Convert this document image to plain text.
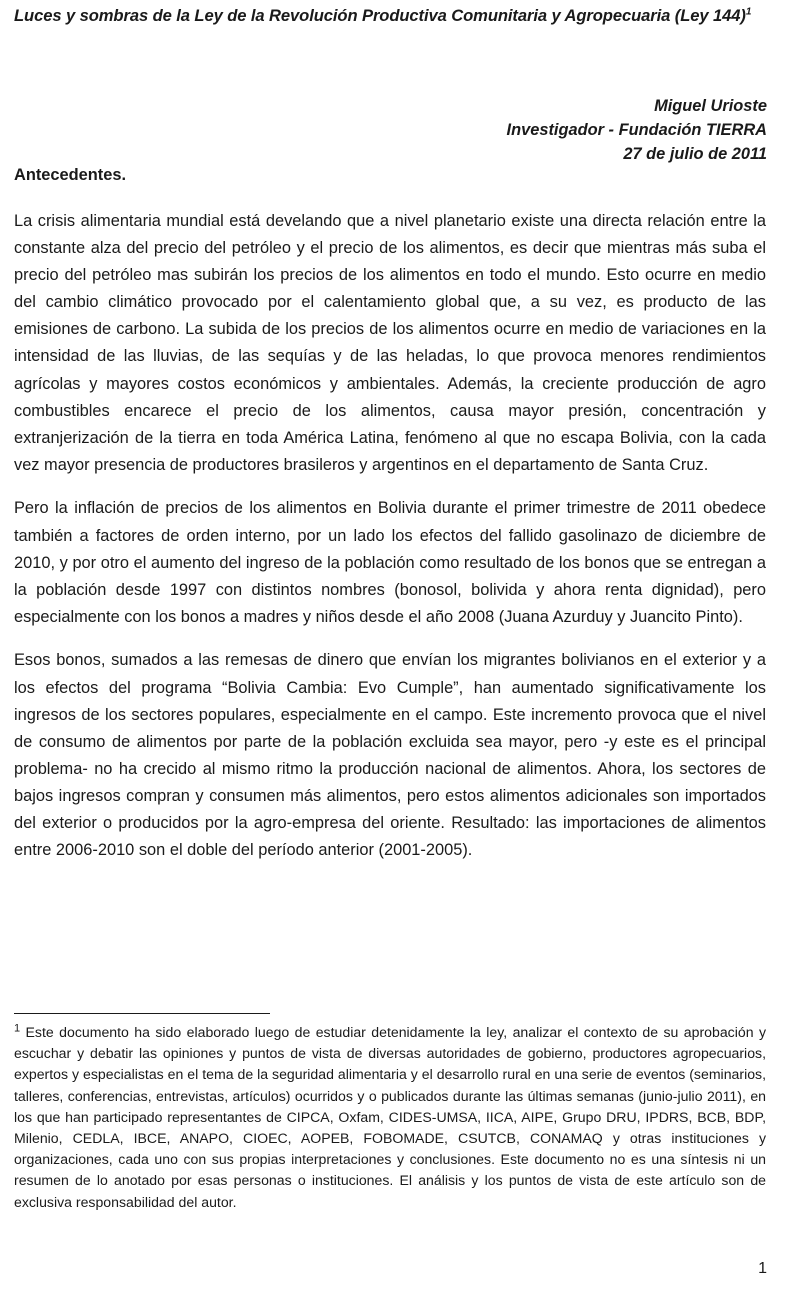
Luces y sombras de la Ley de la Revolución Productiva Comunitaria y Agropecuaria (Ley 144)$^1$
Miguel Urioste
Investigador - Fundación TIERRA
27 de julio de 2011
Antecedentes.

La crisis alimentaria mundial está develando que a nivel planetario existe una directa relación entre la constante alza del precio del petróleo y el precio de los alimentos, es decir que mientras más suba el precio del petróleo mas subirán los precios de los alimentos en todo el mundo. Esto ocurre en medio del cambio climático provocado por el calentamiento global que, a su vez, es producto de las emisiones de carbono. La subida de los precios de los alimentos ocurre en medio de variaciones en la intensidad de las lluvias, de las sequías y de las heladas, lo que provoca menores rendimientos agrícolas y mayores costos económicos y ambientales. Además, la creciente producción de agro combustibles encarece el precio de los alimentos, causa mayor presión, concentración y extranjerización de la tierra en toda América Latina, fenómeno al que no escapa Bolivia, con la cada vez mayor presencia de productores brasileros y argentinos en el departamento de Santa Cruz.

Pero la inflación de precios de los alimentos en Bolivia durante el primer trimestre de 2011 obedece también a factores de orden interno, por un lado los efectos del fallido gasolinazo de diciembre de 2010, y por otro el aumento del ingreso de la población como resultado de los bonos que se entregan a la población desde 1997 con distintos nombres (bonosol, bolivida y ahora renta dignidad), pero especialmente con los bonos a madres y niños desde el año 2008 (Juana Azurduy y Juancito Pinto).

Esos bonos, sumados a las remesas de dinero que envían los migrantes bolivianos en el exterior y a los efectos del programa “Bolivia Cambia: Evo Cumple”, han aumentado significativamente los ingresos de los sectores populares, especialmente en el campo. Este incremento provoca que el nivel de consumo de alimentos por parte de la población excluida sea mayor, pero -y este es el principal problema- no ha crecido al mismo ritmo la producción nacional de alimentos. Ahora, los sectores de bajos ingresos compran y consumen más alimentos, pero estos alimentos adicionales son importados del exterior o producidos por la agro-empresa del oriente. Resultado: las importaciones de alimentos entre 2006-2010 son el doble del período anterior (2001-2005).

$^1$ Este documento ha sido elaborado luego de estudiar detenidamente la ley, analizar el contexto de su aprobación y escuchar y debatir las opiniones y puntos de vista de diversas autoridades de gobierno, productores agropecuarios, expertos y especialistas en el tema de la seguridad alimentaria y el desarrollo rural en una serie de eventos (seminarios, talleres, conferencias, entrevistas, artículos) ocurridos y o publicados durante las últimas semanas (junio-julio 2011), en los que han participado representantes de CIPCA, Oxfam, CIDES-UMSA, IICA, AIPE, Grupo DRU, IPDRS, BCB, BDP, Milenio, CEDLA, IBCE, ANAPO, CIOEC, AOPEB, FOBOMADE, CSUTCB, CONAMAQ y otras instituciones y organizaciones, cada uno con sus propias interpretaciones y conclusiones. Este documento no es una síntesis ni un resumen de lo anotado por esas personas o instituciones. El análisis y los puntos de vista de este artículo son de exclusiva responsabilidad del autor.
1
